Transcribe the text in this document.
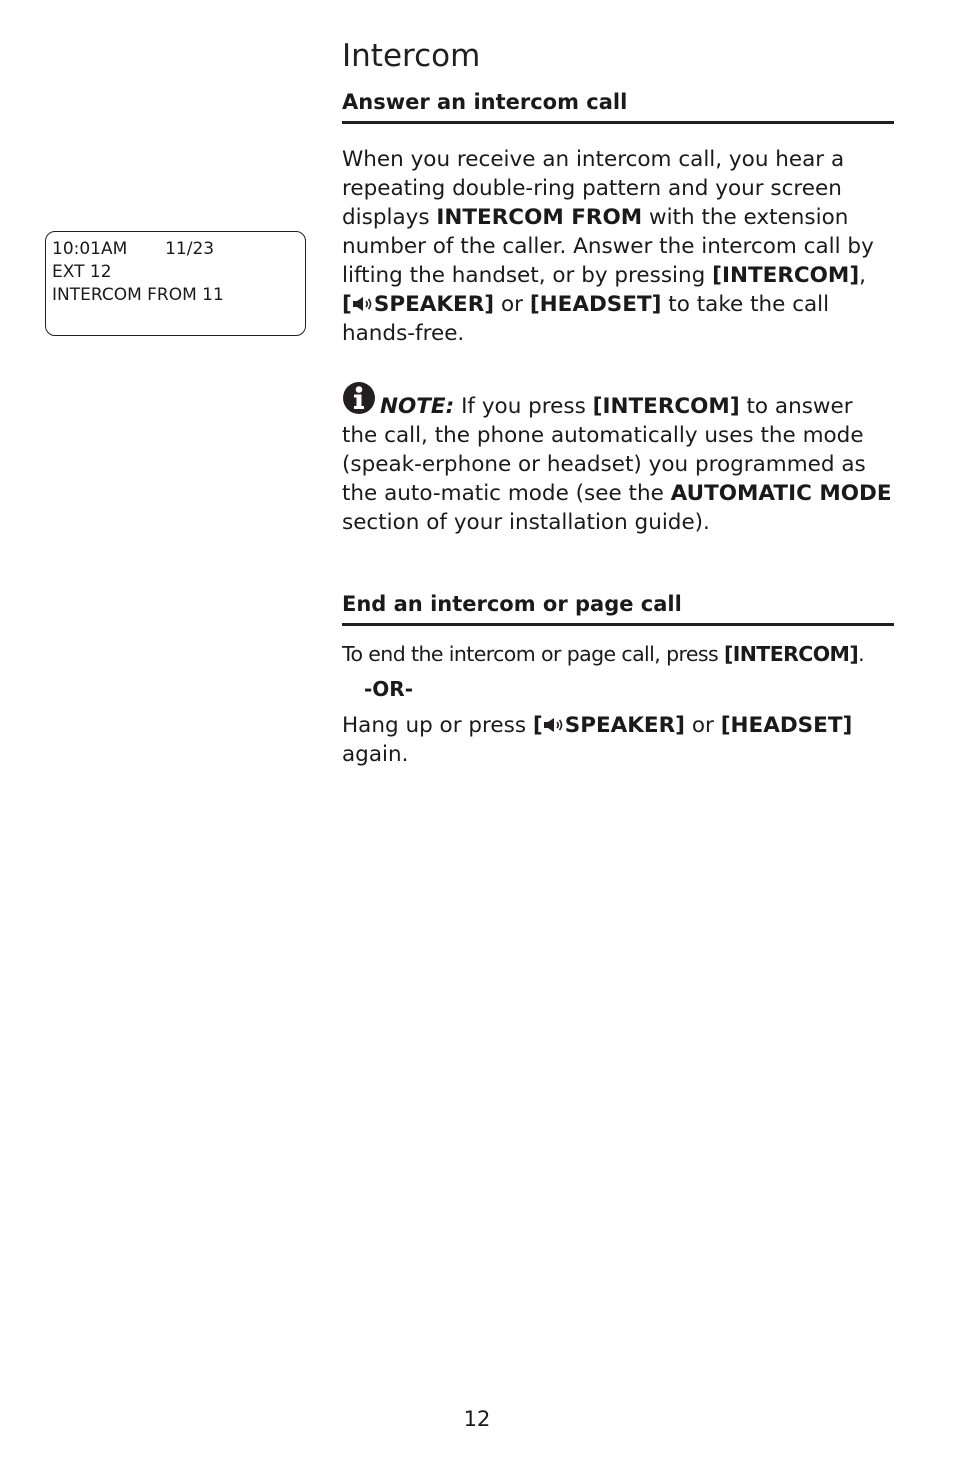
Intercom
10:01AM       11/23
EXT 12
INTERCOM FROM 11
Answer an intercom call

When you receive an intercom call, you hear a repeating double-ring pattern and your screen displays INTERCOM FROM with the extension number of the caller. Answer the intercom call by lifting the handset, or by pressing [INTERCOM],
[ SPEAKER] or [HEADSET] to take the call hands-free.

NOTE: If you press [INTERCOM] to answer the call, the phone automatically uses the mode (speak-erphone or headset) you programmed as the auto-matic mode (see the AUTOMATIC MODE section of your installation guide).

End an intercom or page call

To end the intercom or page call, press [INTERCOM].

-OR-

Hang up or press [ SPEAKER] or [HEADSET]
again.

12
